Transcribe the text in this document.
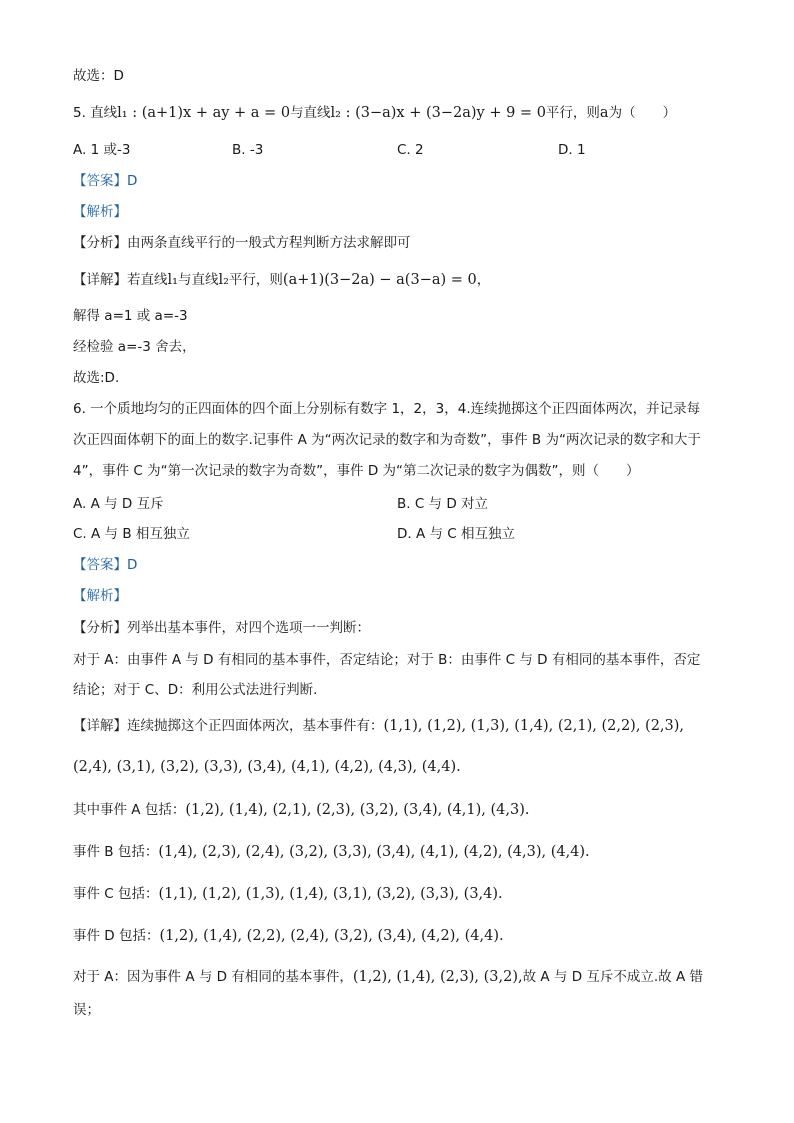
故选：D
5. 直线l₁ : (a+1)x + ay + a = 0与直线l₂ : (3−a)x + (3−2a)y + 9 = 0平行，则a为（　　）
A. 1 或-3	B. -3	C. 2	D. 1
【答案】D
【解析】
【分析】由两条直线平行的一般式方程判断方法求解即可
【详解】若直线l₁与直线l₂平行，则(a+1)(3−2a) − a(3−a) = 0，
解得 a=1 或 a=-3
经检验 a=-3 舍去，
故选:D.
6. 一个质地均匀的正四面体的四个面上分别标有数字 1，2，3，4.连续抛掷这个正四面体两次，并记录每
次正四面体朝下的面上的数字.记事件 A 为“两次记录的数字和为奇数”，事件 B 为“两次记录的数字和大于
4”，事件 C 为“第一次记录的数字为奇数”，事件 D 为“第二次记录的数字为偶数”，则（　　）
A. A 与 D 互斥	B. C 与 D 对立
C. A 与 B 相互独立	D. A 与 C 相互独立
【答案】D
【解析】
【分析】列举出基本事件，对四个选项一一判断：
对于 A：由事件 A 与 D 有相同的基本事件，否定结论；对于 B：由事件 C 与 D 有相同的基本事件，否定
结论；对于 C、D：利用公式法进行判断.
【详解】连续抛掷这个正四面体两次，基本事件有：(1,1), (1,2), (1,3), (1,4), (2,1), (2,2), (2,3),
(2,4), (3,1), (3,2), (3,3), (3,4), (4,1), (4,2), (4,3), (4,4).
其中事件 A 包括：(1,2), (1,4), (2,1), (2,3), (3,2), (3,4), (4,1), (4,3).
事件 B 包括：(1,4), (2,3), (2,4), (3,2), (3,3), (3,4), (4,1), (4,2), (4,3), (4,4).
事件 C 包括：(1,1), (1,2), (1,3), (1,4), (3,1), (3,2), (3,3), (3,4).
事件 D 包括：(1,2), (1,4), (2,2), (2,4), (3,2), (3,4), (4,2), (4,4).
对于 A：因为事件 A 与 D 有相同的基本事件，(1,2), (1,4), (2,3), (3,2),故 A 与 D 互斥不成立.故 A 错
误；
